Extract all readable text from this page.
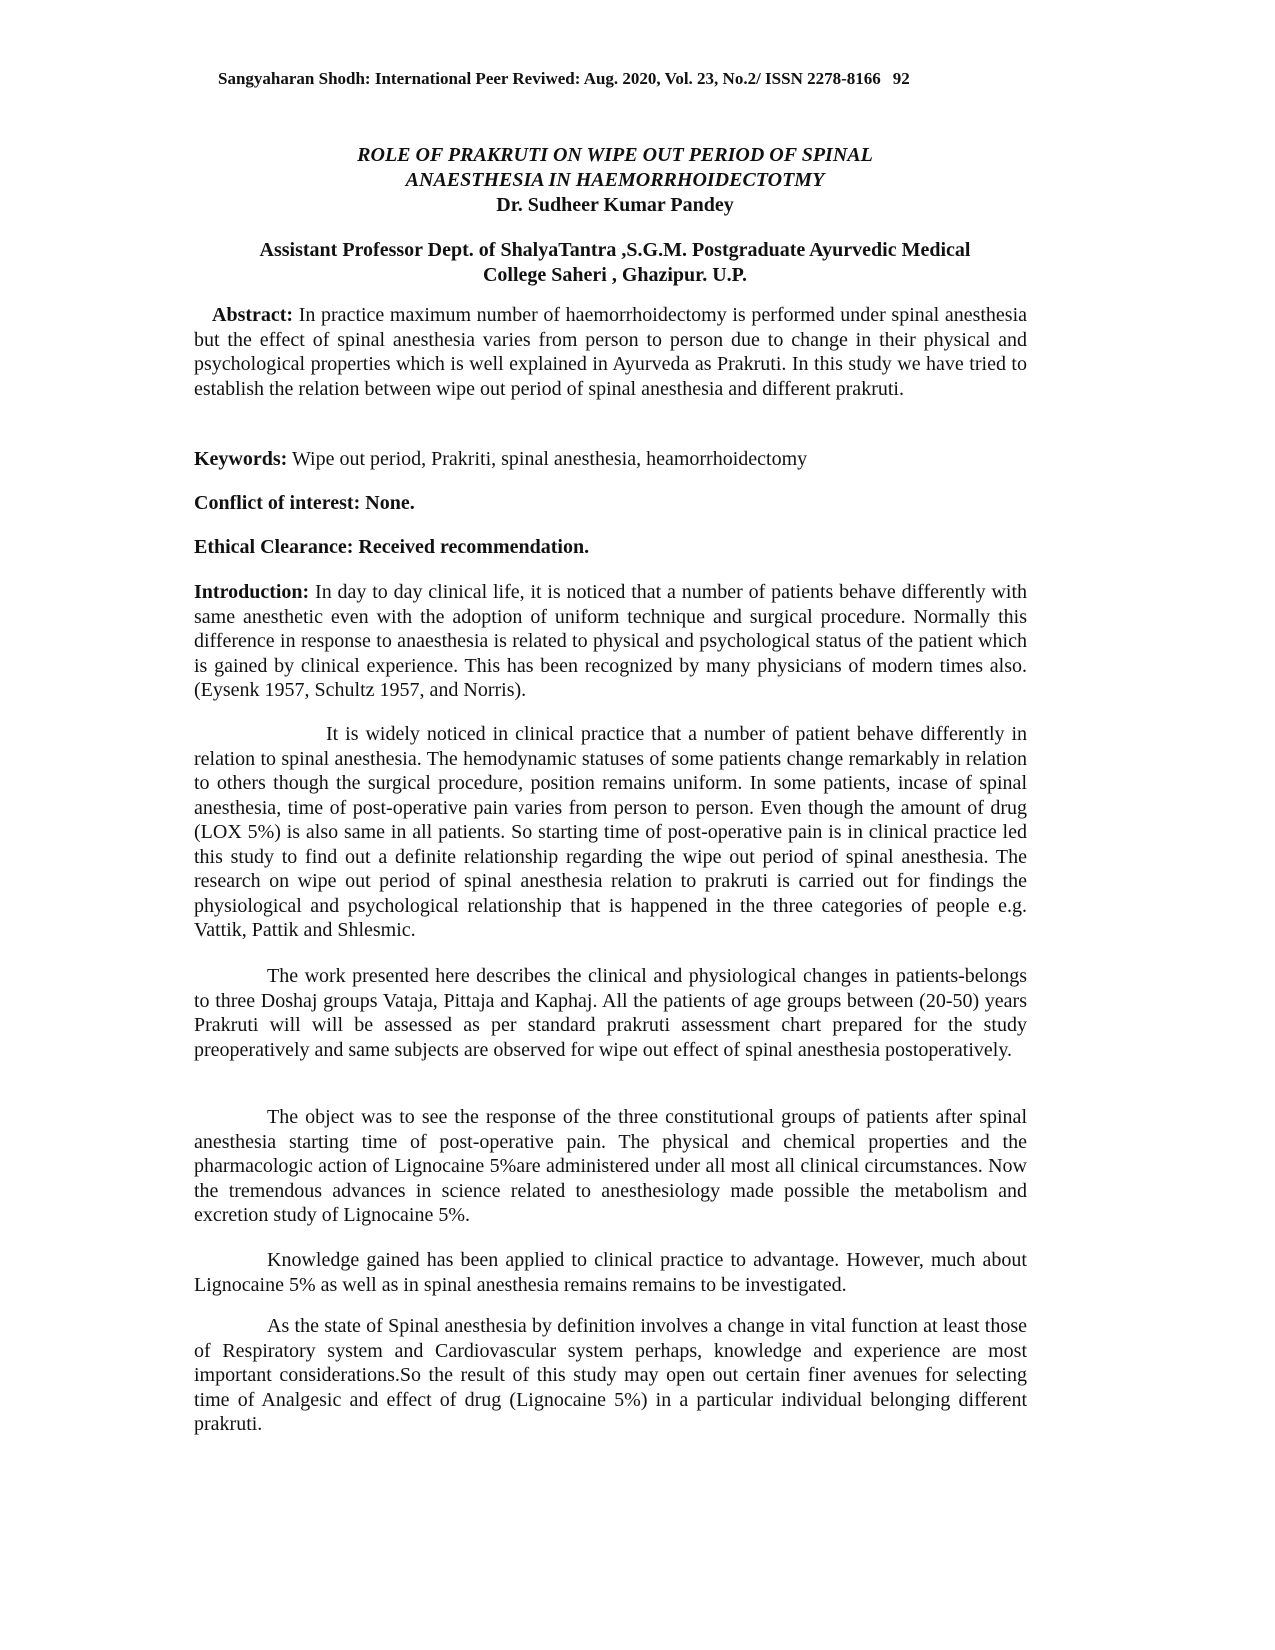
Sangyaharan Shodh: International Peer Reviwed: Aug. 2020, Vol. 23, No.2/ ISSN 2278-8166 92

ROLE OF PRAKRUTI ON WIPE OUT PERIOD OF SPINAL

ANAESTHESIA IN HAEMORRHOIDECTOTMY

Dr. Sudheer Kumar Pandey

Assistant Professor Dept. of ShalyaTantra ,S.G.M. Postgraduate Ayurvedic Medical

College Saheri , Ghazipur. U.P.

Abstract: In practice maximum number of haemorrhoidectomy is performed under spinal anesthesia but the effect of spinal anesthesia varies from person to person due to change in their physical and psychological properties which is well explained in Ayurveda as Prakruti. In this study we have tried to establish the relation between wipe out period of spinal anesthesia and different prakruti.

Keywords: Wipe out period, Prakriti, spinal anesthesia, heamorrhoidectomy

Conflict of interest: None.

Ethical Clearance: Received recommendation.

Introduction: In day to day clinical life, it is noticed that a number of patients behave differently with same anesthetic even with the adoption of uniform technique and surgical procedure. Normally this difference in response to anaesthesia is related to physical and psychological status of the patient which is gained by clinical experience. This has been recognized by many physicians of modern times also. (Eysenk 1957, Schultz 1957, and Norris).

It is widely noticed in clinical practice that a number of patient behave differently in relation to spinal anesthesia. The hemodynamic statuses of some patients change remarkably in relation to others though the surgical procedure, position remains uniform. In some patients, incase of spinal anesthesia, time of post-operative pain varies from person to person. Even though the amount of drug (LOX 5%) is also same in all patients. So starting time of post-operative pain is in clinical practice led this study to find out a definite relationship regarding the wipe out period of spinal anesthesia. The research on wipe out period of spinal anesthesia relation to prakruti is carried out for findings the physiological and psychological relationship that is happened in the three categories of people e.g. Vattik, Pattik and Shlesmic.

The work presented here describes the clinical and physiological changes in patients-belongs to three Doshaj groups Vataja, Pittaja and Kaphaj. All the patients of age groups between (20-50) years Prakruti will will be assessed as per standard prakruti assessment chart prepared for the study preoperatively and same subjects are observed for wipe out effect of spinal anesthesia postoperatively.

The object was to see the response of the three constitutional groups of patients after spinal anesthesia starting time of post-operative pain. The physical and chemical properties and the pharmacologic action of Lignocaine 5%are administered under all most all clinical circumstances. Now the tremendous advances in science related to anesthesiology made possible the metabolism and excretion study of Lignocaine 5%.

Knowledge gained has been applied to clinical practice to advantage. However, much about Lignocaine 5% as well as in spinal anesthesia remains remains to be investigated.

As the state of Spinal anesthesia by definition involves a change in vital function at least those of Respiratory system and Cardiovascular system perhaps, knowledge and experience are most important considerations.So the result of this study may open out certain finer avenues for selecting time of Analgesic and effect of drug (Lignocaine 5%) in a particular individual belonging different prakruti.
